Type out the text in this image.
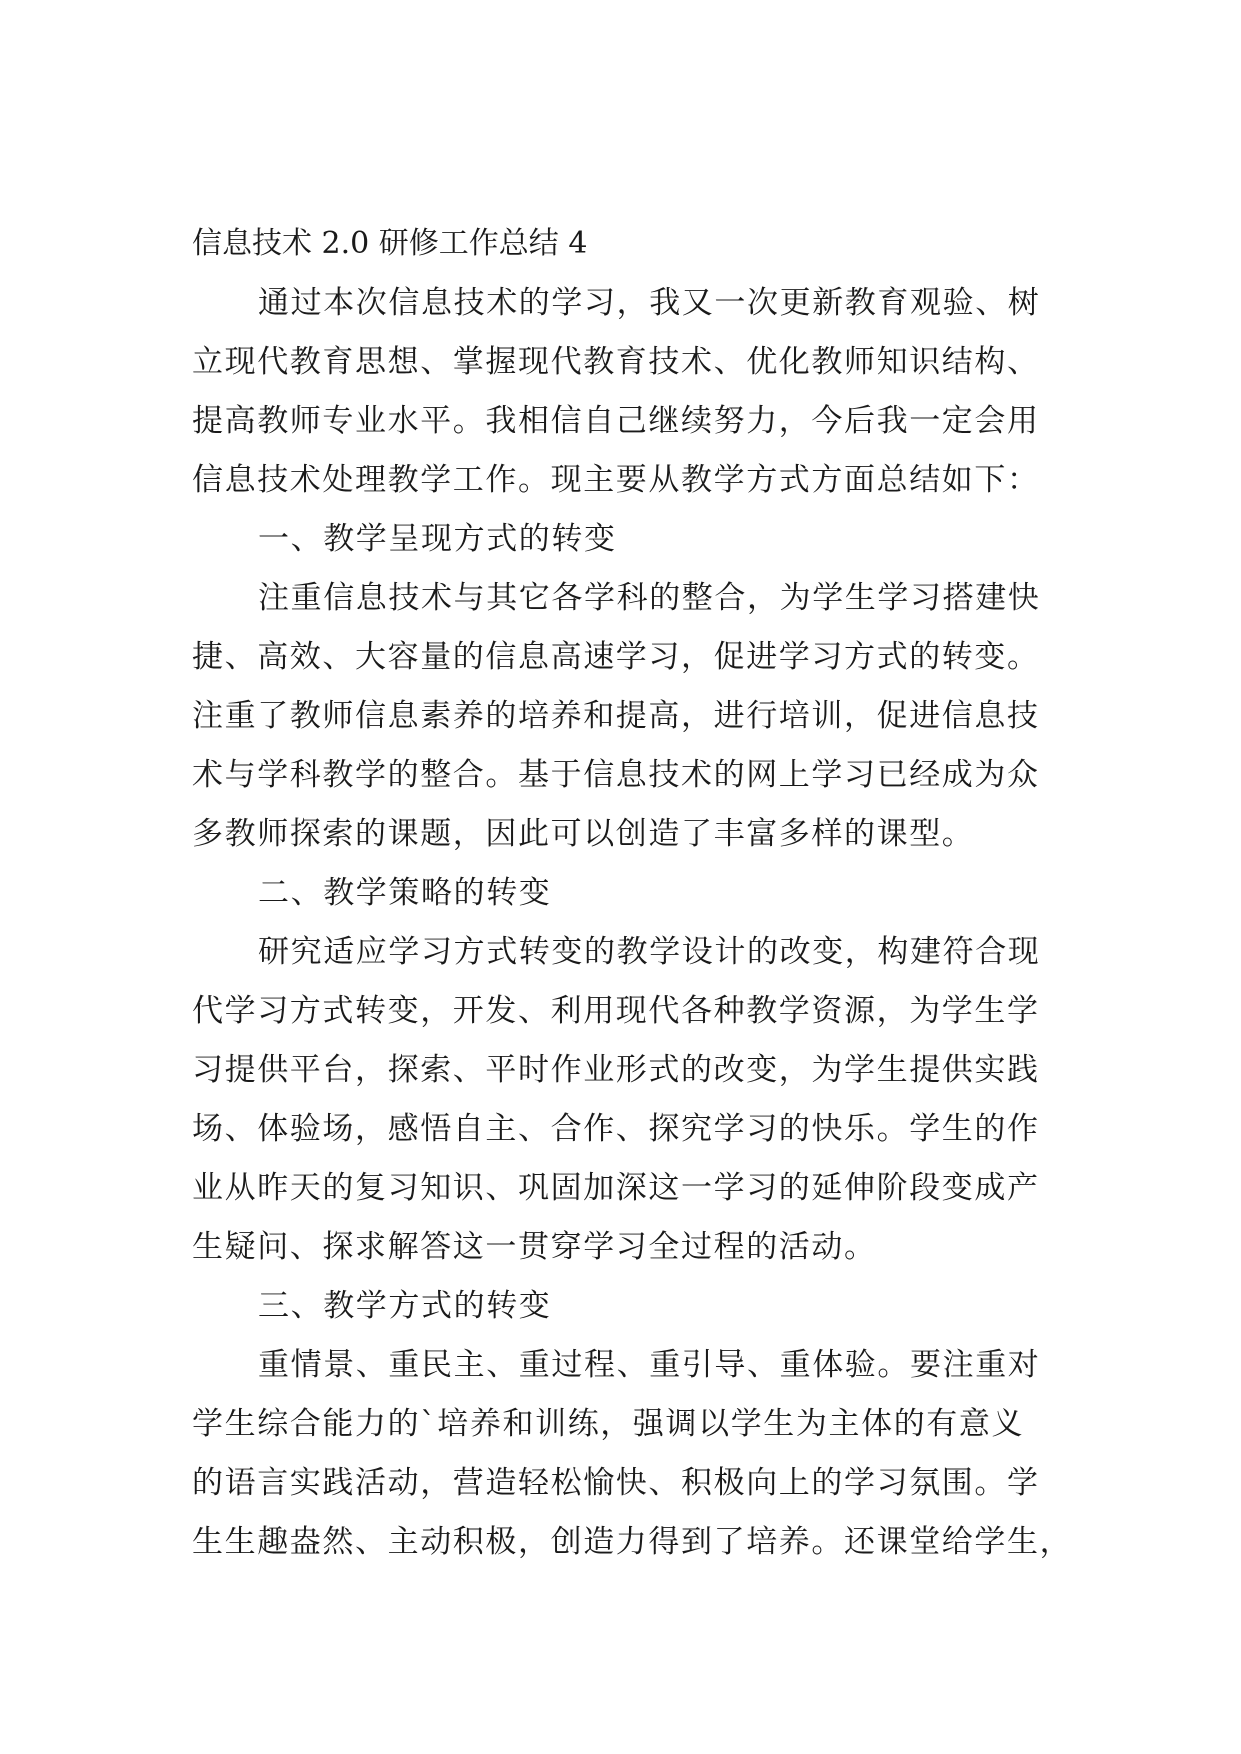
信息技术 2.0 研修工作总结 4
通过本次信息技术的学习，我又一次更新教育观验、树
立现代教育思想、掌握现代教育技术、优化教师知识结构、
提高教师专业水平。我相信自己继续努力，今后我一定会用
信息技术处理教学工作。现主要从教学方式方面总结如下：
一、教学呈现方式的转变
注重信息技术与其它各学科的整合，为学生学习搭建快
捷、高效、大容量的信息高速学习，促进学习方式的转变。
注重了教师信息素养的培养和提高，进行培训，促进信息技
术与学科教学的整合。基于信息技术的网上学习已经成为众
多教师探索的课题，因此可以创造了丰富多样的课型。
二、教学策略的转变
研究适应学习方式转变的教学设计的改变，构建符合现
代学习方式转变，开发、利用现代各种教学资源，为学生学
习提供平台，探索、平时作业形式的改变，为学生提供实践
场、体验场，感悟自主、合作、探究学习的快乐。学生的作
业从昨天的复习知识、巩固加深这一学习的延伸阶段变成产
生疑问、探求解答这一贯穿学习全过程的活动。
三、教学方式的转变
重情景、重民主、重过程、重引导、重体验。要注重对
学生综合能力的`培养和训练，强调以学生为主体的有意义
的语言实践活动，营造轻松愉快、积极向上的学习氛围。学
生生趣盎然、主动积极，创造力得到了培养。还课堂给学生，
